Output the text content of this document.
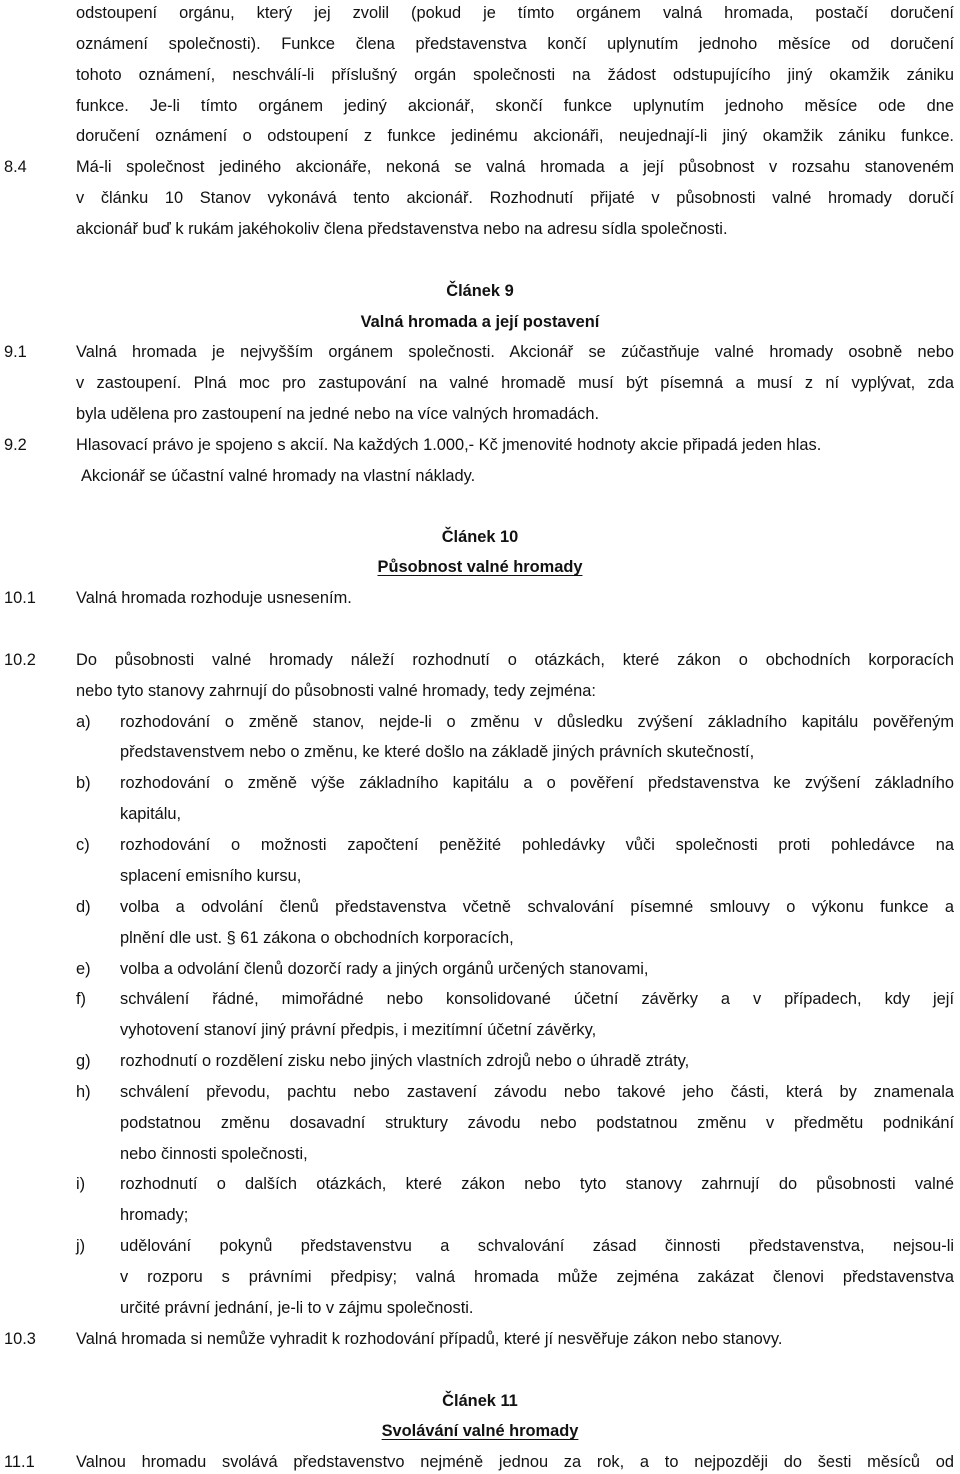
odstoupení orgánu, který jej zvolil (pokud je tímto orgánem valná hromada, postačí doručení
oznámení společnosti). Funkce člena představenstva končí uplynutím jednoho měsíce od doručení
tohoto oznámení, neschválí-li příslušný orgán společnosti na žádost odstupujícího jiný okamžik zániku
funkce. Je-li tímto orgánem jediný akcionář, skončí funkce uplynutím jednoho měsíce ode dne
doručení oznámení o odstoupení z funkce jedinému akcionáři, neujednají-li jiný okamžik zániku funkce.
8.4	Má-li společnost jediného akcionáře, nekoná se valná hromada a její působnost v rozsahu stanoveném
v článku 10 Stanov vykonává tento akcionář. Rozhodnutí přijaté v působnosti valné hromady doručí
akcionář buď k rukám jakéhokoliv člena představenstva nebo na adresu sídla společnosti.
Článek 9
Valná hromada a její postavení
9.1	Valná hromada je nejvyšším orgánem společnosti. Akcionář se zúčastňuje valné hromady osobně nebo
v zastoupení. Plná moc pro zastupování na valné hromadě musí být písemná a musí z ní vyplývat, zda
byla udělena pro zastoupení na jedné nebo na více valných hromadách.
9.2	Hlasovací právo je spojeno s akcií. Na každých 1.000,- Kč jmenovité hodnoty akcie připadá jeden hlas.
Akcionář se účastní valné hromady na vlastní náklady.
Článek 10
Působnost valné hromady
10.1 Valná hromada rozhoduje usnesením.
10.2 Do působnosti valné hromady náleží rozhodnutí o otázkách, které zákon o obchodních korporacích
nebo tyto stanovy zahrnují do působnosti valné hromady, tedy zejména:
a) rozhodování o změně stanov, nejde-li o změnu v důsledku zvýšení základního kapitálu pověřeným
představenstvem nebo o změnu, ke které došlo na základě jiných právních skutečností,
b) rozhodování o změně výše základního kapitálu a o pověření představenstva ke zvýšení základního
kapitálu,
c) rozhodování o možnosti započtení peněžité pohledávky vůči společnosti proti pohledávce na
splacení emisního kursu,
d) volba a odvolání členů představenstva včetně schvalování písemné smlouvy o výkonu funkce a
plnění dle ust. § 61 zákona o obchodních korporacích,
e) volba a odvolání členů dozorčí rady a jiných orgánů určených stanovami,
f) schválení řádné, mimořádné nebo konsolidované účetní závěrky a v případech, kdy její
vyhotovení stanoví jiný právní předpis, i mezitímní účetní závěrky,
g) rozhodnutí o rozdělení zisku nebo jiných vlastních zdrojů nebo o úhradě ztráty,
h) schválení převodu, pachtu nebo zastavení závodu nebo takové jeho části, která by znamenala
podstatnou změnu dosavadní struktury závodu nebo podstatnou změnu v předmětu podnikání
nebo činnosti společnosti,
i) rozhodnutí o dalších otázkách, které zákon nebo tyto stanovy zahrnují do působnosti valné
hromady;
j) udělování pokynů představenstvu a schvalování zásad činnosti představenstva, nejsou-li
v rozporu s právními předpisy; valná hromada může zejména zakázat členovi představenstva
určité právní jednání, je-li to v zájmu společnosti.
10.3 Valná hromada si nemůže vyhradit k rozhodování případů, které jí nesvěřuje zákon nebo stanovy.
Článek 11
Svolávání valné hromady
11.1	Valnou hromadu svolává představenstvo nejméně jednou za rok, a to nejpozději do šesti měsíců od
